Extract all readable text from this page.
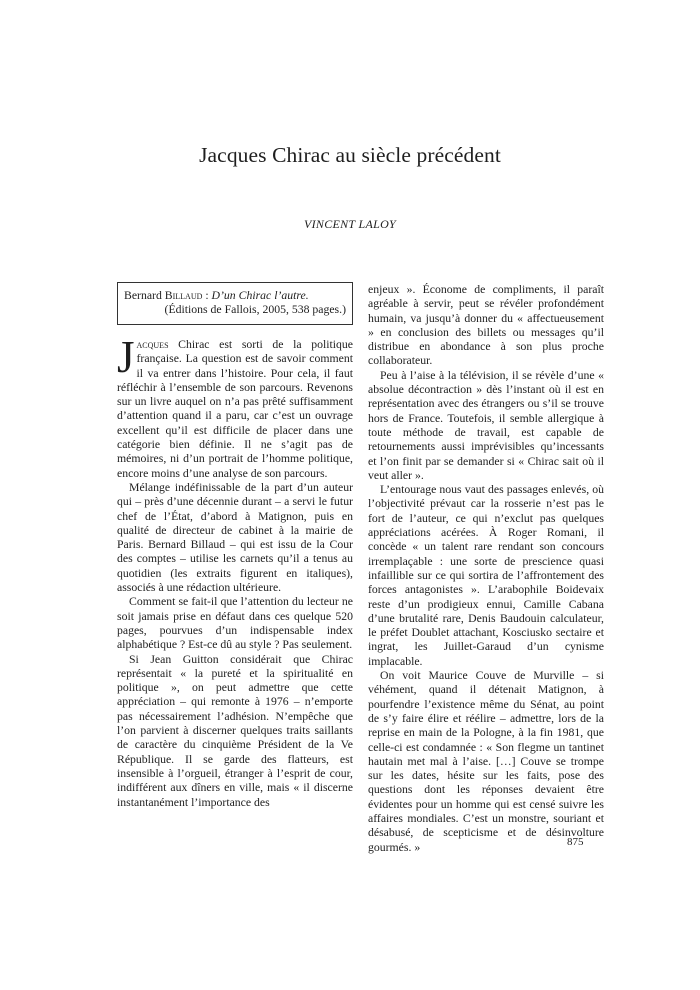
Jacques Chirac au siècle précédent
VINCENT LALOY
Bernard Billaud : D’un Chirac l’autre.
(Éditions de Fallois, 2005, 538 pages.)

Jacques Chirac est sorti de la politique française. La question est de savoir comment il va entrer dans l’histoire. Pour cela, il faut réfléchir à l’ensemble de son parcours. Revenons sur un livre auquel on n’a pas prêté suffisamment d’attention quand il a paru, car c’est un ouvrage excellent qu’il est difficile de placer dans une catégorie bien définie. Il ne s’agit pas de mémoires, ni d’un portrait de l’homme politique, encore moins d’une analyse de son parcours.

Mélange indéfinissable de la part d’un auteur qui – près d’une décennie durant – a servi le futur chef de l’État, d’abord à Matignon, puis en qualité de directeur de cabinet à la mairie de Paris. Bernard Billaud – qui est issu de la Cour des comptes – utilise les carnets qu’il a tenus au quotidien (les extraits figurent en italiques), associés à une rédaction ultérieure.

Comment se fait-il que l’attention du lecteur ne soit jamais prise en défaut dans ces quelque 520 pages, pourvues d’un indispensable index alphabétique ? Est-ce dû au style ? Pas seulement.

Si Jean Guitton considérait que Chirac représentait « la pureté et la spiritualité en politique », on peut admettre que cette appréciation – qui remonte à 1976 – n’emporte pas nécessairement l’adhésion. N’empêche que l’on parvient à discerner quelques traits saillants de caractère du cinquième Président de la Ve République. Il se garde des flatteurs, est insensible à l’orgueil, étranger à l’esprit de cour, indifférent aux dîners en ville, mais « il discerne instantanément l’importance des

enjeux ». Économe de compliments, il paraît agréable à servir, peut se révéler profondément humain, va jusqu’à donner du « affectueusement » en conclusion des billets ou messages qu’il distribue en abondance à son plus proche collaborateur.

Peu à l’aise à la télévision, il se révèle d’une « absolue décontraction » dès l’instant où il est en représentation avec des étrangers ou s’il se trouve hors de France. Toutefois, il semble allergique à toute méthode de travail, est capable de retournements aussi imprévisibles qu’incessants et l’on finit par se demander si « Chirac sait où il veut aller ».

L’entourage nous vaut des passages enlevés, où l’objectivité prévaut car la rosserie n’est pas le fort de l’auteur, ce qui n’exclut pas quelques appréciations acérées. À Roger Romani, il concède « un talent rare rendant son concours irremplaçable : une sorte de prescience quasi infaillible sur ce qui sortira de l’affrontement des forces antagonistes ». L’arabophile Boidevaix reste d’un prodigieux ennui, Camille Cabana d’une brutalité rare, Denis Baudouin calculateur, le préfet Doublet attachant, Kosciusko sectaire et ingrat, les Juillet-Garaud d’un cynisme implacable.

On voit Maurice Couve de Murville – si véhément, quand il détenait Matignon, à pourfendre l’existence même du Sénat, au point de s’y faire élire et réélire – admettre, lors de la reprise en main de la Pologne, à la fin 1981, que celle-ci est condamnée : « Son flegme un tantinet hautain met mal à l’aise. […] Couve se trompe sur les dates, hésite sur les faits, pose des questions dont les réponses devaient être évidentes pour un homme qui est censé suivre les affaires mondiales. C’est un monstre, souriant et désabusé, de scepticisme et de désinvolture gourmés. »	875
